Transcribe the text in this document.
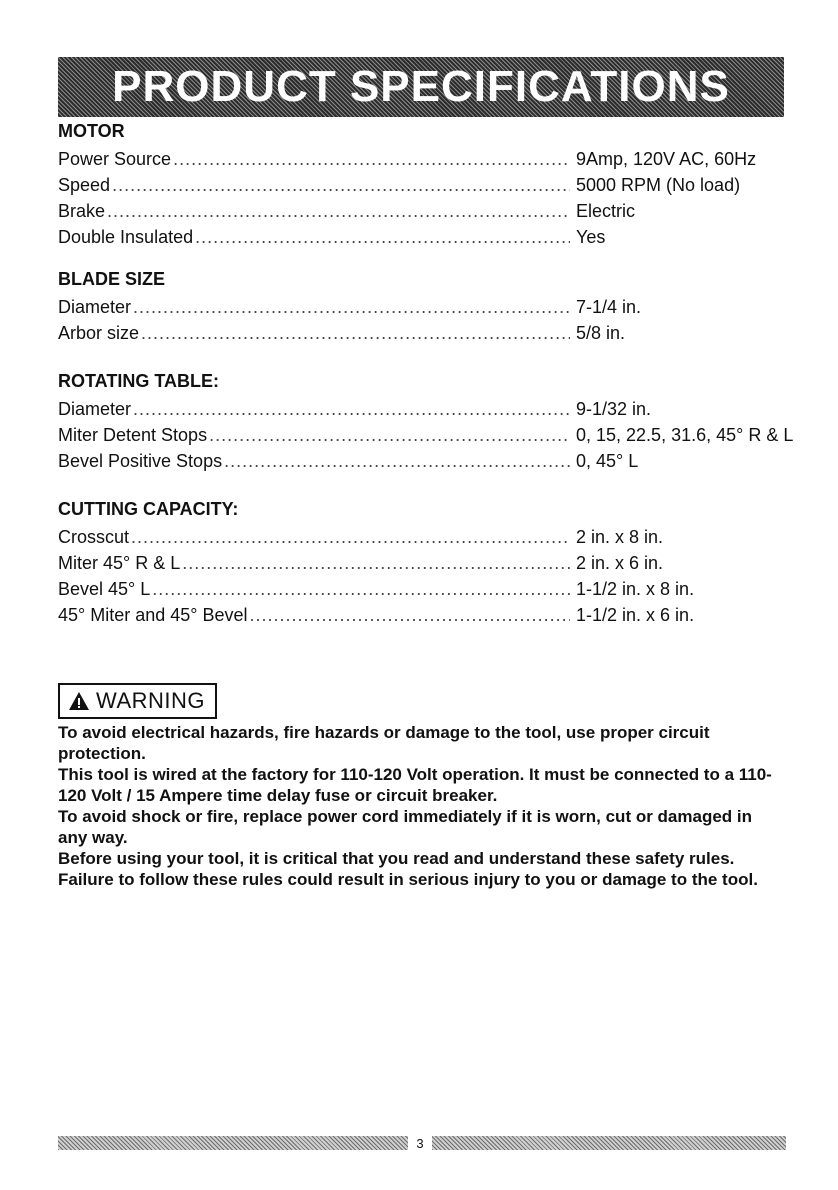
PRODUCT SPECIFICATIONS
MOTOR
Power Source .....	9Amp, 120V AC, 60Hz
Speed .....	5000 RPM (No load)
Brake .....	Electric
Double Insulated .....	Yes
BLADE SIZE
Diameter .....	7-1/4 in.
Arbor size .....	5/8 in.
ROTATING TABLE:
Diameter .....	9-1/32 in.
Miter Detent Stops .....	0, 15, 22.5, 31.6, 45° R & L
Bevel Positive Stops .....	0, 45° L
CUTTING CAPACITY:
Crosscut .....	2 in. x 8 in.
Miter 45° R & L .....	2 in. x 6 in.
Bevel 45° L .....	1-1/2 in. x 8 in.
45° Miter and 45° Bevel .....	1-1/2 in. x 6 in.
WARNING

To avoid electrical hazards, fire hazards or damage to the tool, use proper circuit protection.

This tool is wired at the factory for 110-120 Volt operation. It must be connected to a 110-120 Volt / 15 Ampere time delay fuse or circuit breaker.

To avoid shock or fire, replace power cord immediately if it is worn, cut or damaged in any way.

Before using your tool, it is critical that you read and understand these safety rules. Failure to follow these rules could result in serious injury to you or damage to the tool.

3
